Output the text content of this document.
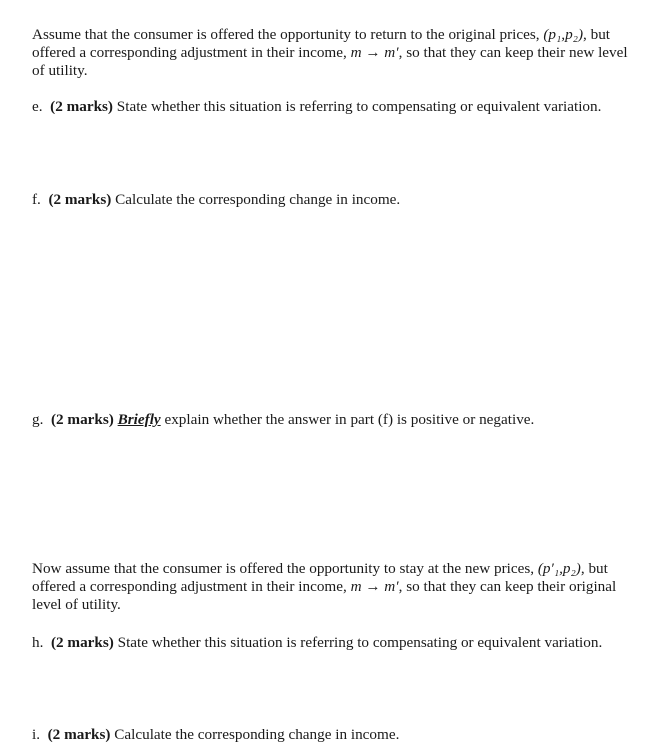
Assume that the consumer is offered the opportunity to return to the original prices, (p₁,p₂), but
offered a corresponding adjustment in their income, m → m′, so that they can keep their new level
of utility.
e. (2 marks) State whether this situation is referring to compensating or equivalent variation.
f. (2 marks) Calculate the corresponding change in income.
g. (2 marks) Briefly explain whether the answer in part (f) is positive or negative.
Now assume that the consumer is offered the opportunity to stay at the new prices, (p′₁,p₂), but
offered a corresponding adjustment in their income, m → m′, so that they can keep their original
level of utility.
h. (2 marks) State whether this situation is referring to compensating or equivalent variation.
i. (2 marks) Calculate the corresponding change in income.
